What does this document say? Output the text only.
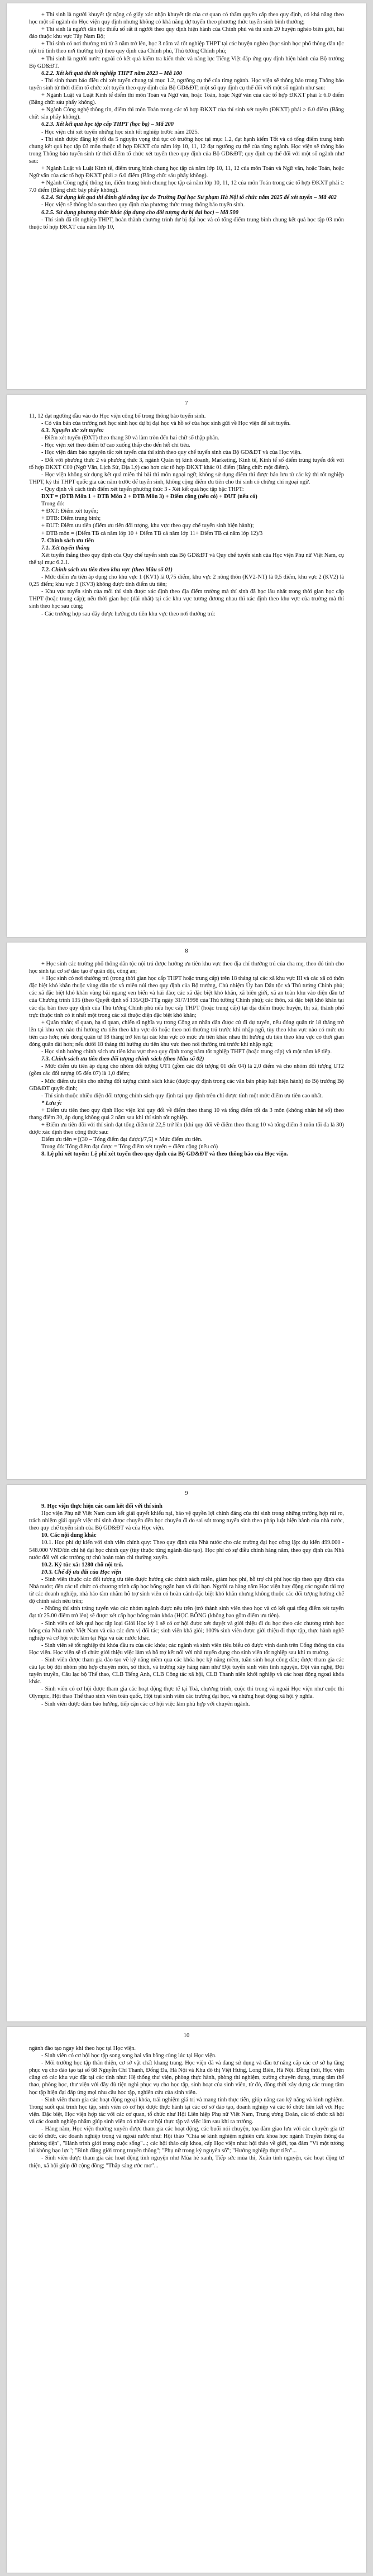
+ Thí sinh là người khuyết tật nặng có giấy xác nhận khuyết tật của cơ quan có thẩm quyền cấp theo quy định, có khả năng theo học một số ngành do Học viện quy định nhưng không có khả năng dự tuyển theo phương thức tuyển sinh bình thường;

+ Thí sinh là người dân tộc thiểu số rất ít người theo quy định hiện hành của Chính phủ và thí sinh 20 huyện nghèo biên giới, hải đảo thuộc khu vực Tây Nam Bộ;

+ Thí sinh có nơi thường trú từ 3 năm trở lên, học 3 năm và tốt nghiệp THPT tại các huyện nghèo (học sinh học phổ thông dân tộc nội trú tính theo nơi thường trú) theo quy định của Chính phủ, Thủ tướng Chính phủ;

+ Thí sinh là người nước ngoài có kết quả kiểm tra kiến thức và năng lực Tiếng Việt đáp ứng quy định hiện hành của Bộ trưởng Bộ GD&ĐT.

6.2.2. Xét kết quả thi tốt nghiệp THPT năm 2023 – Mã 100

- Thí sinh tham bảo điều chỉ xét tuyển chung tại mục 1.2, ngưỡng cụ thể của từng ngành. Học viện sẽ thông báo trong Thông báo tuyển sinh từ thời điểm tổ chức xét tuyển theo quy định của Bộ GD&ĐT; một số quy định cụ thể đối với một số ngành như sau:

+ Ngành Luật và Luật Kinh tế điểm thi môn Toán và Ngữ văn, hoặc Toán, hoặc Ngữ văn của các tổ hợp ĐKXT phải ≥ 6.0 điểm (Bằng chữ: sáu phẩy không).

+ Ngành Công nghệ thông tin, điểm thi môn Toán trong các tổ hợp ĐKXT của thí sinh xét tuyển (ĐKXT) phải ≥ 6.0 điểm (Bằng chữ: sáu phẩy không).

6.2.3. Xét kết quả học tập cấp THPT (học bạ) – Mã 200

- Học viện chỉ xét tuyển những học sinh tốt nghiệp trước năm 2025.

- Thí sinh được đăng ký tối đa 5 nguyện vọng thủ tục có trường học tại mục 1.2, đạt hạnh kiểm Tốt và có tổng điểm trung bình chung kết quả học tập 03 môn thuộc tổ hợp ĐKXT của năm lớp 10, 11, 12 đạt ngưỡng cụ thể của từng ngành. Học viện sẽ thông báo trong Thông báo tuyển sinh từ thời điểm tổ chức xét tuyển theo quy định của Bộ GD&ĐT; quy định cụ thể đối với một số ngành như sau:

+ Ngành Luật và Luật Kinh tế, điểm trung bình chung học tập cả năm lớp 10, 11, 12 của môn Toán và Ngữ văn, hoặc Toán, hoặc Ngữ văn của các tổ hợp ĐKXT phải ≥ 6.0 điểm (Bằng chữ: sáu phẩy không).

+ Ngành Công nghệ thông tin, điểm trung bình chung học tập cả năm lớp 10, 11, 12 của môn Toán trong các tổ hợp ĐKXT phải ≥ 7.0 điểm (Bằng chữ: bảy phẩy không).

6.2.4. Sử dụng kết quả thi đánh giá năng lực do Trường Đại học Sư phạm Hà Nội tổ chức năm 2025 để xét tuyển – Mã 402

- Học viện sẽ thông báo sau theo quy định của phương thức trong thông báo tuyển sinh.

6.2.5. Sử dụng phương thức khác (áp dụng cho đối tượng dự bị đại học) – Mã 500

- Thí sinh đã tốt nghiệp THPT, hoàn thành chương trình dự bị đại học và có tổng điểm trung bình chung kết quả học tập 03 môn thuộc tổ hợp ĐKXT của năm lớp 10,

7

11, 12 đạt ngưỡng đầu vào do Học viện công bố trong thông báo tuyển sinh.

- Có văn bản của trường nơi học sinh học dự bị đại học và hồ sơ của học sinh gửi về Học viện để xét tuyển.

6.3. Nguyên tắc xét tuyển:

- Điểm xét tuyển (ĐXT) theo thang 30 và làm tròn đến hai chữ số thập phân.

- Học viện xét theo điểm từ cao xuống thấp cho đến hết chỉ tiêu.

- Học viện đảm bảo nguyên tắc xét tuyển của thí sinh theo quy chế tuyển sinh của Bộ GD&ĐT và của Học viện.

- Đối với phương thức 2 và phương thức 3, ngành Quản trị kinh doanh, Marketing, Kinh tế, Kinh tế số điểm trúng tuyển đối với tổ hợp ĐKXT C00 (Ngữ Văn, Lịch Sử, Địa Lý) cao hơn các tổ hợp ĐKXT khác 01 điểm (Bằng chữ: một điểm).

- Học viện không sử dụng kết quả miễn thi bài thi môn ngoại ngữ, không sử dụng điểm thi được bảo lưu từ các kỳ thi tốt nghiệp THPT, kỳ thi THPT quốc gia các năm trước để tuyển sinh, không cộng điểm ưu tiên cho thí sinh có chứng chỉ ngoại ngữ.

- Quy định về cách tính điểm xét tuyển phương thức 3 - Xét kết quả học tập bậc THPT:

ĐXT = (ĐTB Môn 1 + ĐTB Môn 2 + ĐTB Môn 3) + Điểm cộng (nếu có) + ĐUT (nếu có)

Trong đó:

+ ĐXT: Điểm xét tuyển;

+ ĐTB: Điểm trung bình;

+ ĐUT: Điểm ưu tiên (điểm ưu tiên đối tượng, khu vực theo quy chế tuyển sinh hiện hành);

+ ĐTB môn = (Điểm TB cả năm lớp 10 + Điểm TB cả năm lớp 11+ Điểm TB cả năm lớp 12)/3

7. Chính sách ưu tiên

7.1. Xét tuyển thẳng

Xét tuyển thẳng theo quy định của Quy chế tuyển sinh của Bộ GD&ĐT và Quy chế tuyển sinh của Học viện Phụ nữ Việt Nam, cụ thể tại mục 6.2.1.

7.2. Chính sách ưu tiên theo khu vực (theo Mẫu số 01)

- Mức điểm ưu tiên áp dụng cho khu vực 1 (KV1) là 0,75 điểm, khu vực 2 nông thôn (KV2-NT) là 0,5 điểm, khu vực 2 (KV2) là 0,25 điểm; khu vực 3 (KV3) không được tính điểm ưu tiên;

- Khu vực tuyển sinh của mỗi thí sinh được xác định theo địa điểm trường mà thí sinh đã học lâu nhất trong thời gian học cấp THPT (hoặc trung cấp); nếu thời gian học (dài nhất) tại các khu vực tương đương nhau thì xác định theo khu vực của trường mà thí sinh theo học sau cùng;

- Các trường hợp sau đây được hưởng ưu tiên khu vực theo nơi thường trú:

8

+ Học sinh các trường phổ thông dân tộc nội trú được hưởng ưu tiên khu vực theo địa chỉ thường trú của cha mẹ, theo đó tính cho học sinh tại cơ sở đào tạo ở quân đội, công an;

+ Học sinh có nơi thường trú (trong thời gian học cấp THPT hoặc trung cấp) trên 18 tháng tại các xã khu vực III và các xã có thôn đặc biệt khó khăn thuộc vùng dân tộc và miền núi theo quy định của Bộ trưởng, Chủ nhiệm Ủy ban Dân tộc và Thủ tướng Chính phủ; các xã đặc biệt khó khăn vùng bãi ngang ven biển và hải đảo; các xã đặc biệt khó khăn, xã biên giới, xã an toàn khu vào diện đầu tư của Chương trình 135 (theo Quyết định số 135/QĐ-TTg ngày 31/7/1998 của Thủ tướng Chính phủ); các thôn, xã đặc biệt khó khăn tại các địa bàn theo quy định của Thủ tướng Chính phủ nếu học cấp THPT (hoặc trung cấp) tại địa điểm thuộc huyện, thị xã, thành phố trực thuộc tỉnh có ít nhất một trong các xã thuộc diện đặc biệt khó khăn;

+ Quân nhân; sĩ quan, hạ sĩ quan, chiến sĩ nghĩa vụ trong Công an nhân dân được cử đi dự tuyển, nếu đóng quân từ 18 tháng trở lên tại khu vực nào thì hưởng ưu tiên theo khu vực đó hoặc theo nơi thường trú trước khi nhập ngũ, tùy theo khu vực nào có mức ưu tiên cao hơn; nếu đóng quân từ 18 tháng trở lên tại các khu vực có mức ưu tiên khác nhau thì hưởng ưu tiên theo khu vực có thời gian đóng quân dài hơn; nếu dưới 18 tháng thì hưởng ưu tiên khu vực theo nơi thường trú trước khi nhập ngũ;

- Học sinh hưởng chính sách ưu tiên khu vực theo quy định trong năm tốt nghiệp THPT (hoặc trung cấp) và một năm kế tiếp.

7.3. Chính sách ưu tiên theo đối tượng chính sách (theo Mẫu số 02)

- Mức điểm ưu tiên áp dụng cho nhóm đối tượng UT1 (gồm các đối tượng 01 đến 04) là 2,0 điểm và cho nhóm đối tượng UT2 (gồm các đối tượng 05 đến 07) là 1,0 điểm;

- Mức điểm ưu tiên cho những đối tượng chính sách khác (được quy định trong các văn bản pháp luật hiện hành) do Bộ trưởng Bộ GD&ĐT quyết định;

- Thí sinh thuộc nhiều diện đối tượng chính sách quy định tại quy định trên chỉ được tính một mức điểm ưu tiên cao nhất.

* Lưu ý:

+ Điểm ưu tiên theo quy định Học viện khi quy đổi về điểm theo thang 10 và tổng điểm tối đa 3 môn (không nhân hệ số) theo thang điểm 30, áp dụng không quá 2 năm sau khi thí sinh tốt nghiệp.

+ Điểm ưu tiên đối với thí sinh đạt tổng điểm từ 22,5 trở lên (khi quy đổi về điểm theo thang 10 và tổng điểm 3 môn tối đa là 30) được xác định theo công thức sau:

Điểm ưu tiên = [(30 – Tổng điểm đạt được)/7,5] × Mức điểm ưu tiên.

Trong đó: Tổng điểm đạt được = Tổng điểm xét tuyển + điểm cộng (nếu có)

8. Lệ phí xét tuyển: Lệ phí xét tuyển theo quy định của Bộ GD&ĐT và theo thông báo của Học viện.

9

9. Học viện thực hiện các cam kết đối với thí sinh

Học viện Phụ nữ Việt Nam cam kết giải quyết khiếu nại, bảo vệ quyền lợi chính đáng của thí sinh trong những trường hợp rủi ro, trách nhiệm giải quyết việc thí sinh được chuyển đến học chuyên đi do sai sót trong tuyển sinh theo pháp luật hiện hành của nhà nước, theo quy chế tuyển sinh của Bộ GD&ĐT và của Học viện.

10. Các nội dung khác

10.1. Học phí dự kiến với sinh viên chính quy: Theo quy định của Nhà nước cho các trường đại học công lập: dự kiến 499.000 - 548.000 VNĐ/tín chỉ hệ đại học chính quy (tùy thuộc từng ngành đào tạo). Học phí có sự điều chỉnh hàng năm, theo quy định của Nhà nước đối với các trường tự chủ hoàn toàn chi thường xuyên.

10.2. Ký túc xá: 1280 chỗ nội trú.

10.3. Chế độ ưu đãi của Học viện

- Sinh viên thuộc các đối tượng ưu tiên được hưởng các chính sách miễn, giảm học phí, hỗ trợ chi phí học tập theo quy định của Nhà nước; đến các tổ chức có chương trình cấp học bổng ngắn hạn và dài hạn. Người ra hàng năm Học viện huy động các nguồn tài trợ từ các doanh nghiệp, nhà hảo tâm nhằm hỗ trợ sinh viên có hoàn cảnh đặc biệt khó khăn nhưng không thuộc các đối tượng hưởng chế độ chính sách nêu trên;

- Những thí sinh trúng tuyển vào các nhóm ngành được nêu trên (trở thành sinh viên theo học và có kết quả tổng điểm xét tuyển đạt từ 25.00 điểm trở lên) sẽ được xét cấp học bổng toàn khóa (HỌC BỔNG (không bao gồm điểm ưu tiên).

- Sinh viên có kết quả học tập loại Giỏi Học kỳ 1 sẽ có cơ hội được xét duyệt và giới thiệu đi du học theo các chương trình học bổng của Nhà nước Việt Nam và của các đơn vị đối tác; sinh viên khá giỏi; 100% sinh viên được giới thiệu đi thực tập, thực hành nghề nghiệp và cơ hội việc làm tại Nga và các nước khác.

- Sinh viên sẽ tốt nghiệp thì khóa đầu ra của các khóa; các ngành và sinh viên tiêu biểu có được vinh danh trên Cổng thông tin của Học viện. Học viện sẽ tổ chức giới thiệu việc làm và hỗ trợ kết nối với nhà tuyển dụng cho sinh viên tốt nghiệp sau khi ra trường.

- Sinh viên được tham gia đào tạo về kỹ năng mềm qua các khóa học kỹ năng mềm, tuần sinh hoạt công dân; được tham gia các câu lạc bộ đội nhóm phù hợp chuyên môn, sở thích, và trường xây hàng năm như Đội tuyển sinh viên tình nguyện, Đội văn nghệ, Đội tuyên truyền, Câu lạc bộ Thể thao, CLB Tiếng Anh, CLB Công tác xã hội, CLB Thanh niên khởi nghiệp và các hoạt động ngoại khóa khác.

- Sinh viên có cơ hội được tham gia các hoạt động thực tế tại Toà, chương trình, cuộc thi trong và ngoài Học viện như cuộc thi Olympic, Hội thao Thể thao sinh viên toàn quốc, Hội trại sinh viên các trường đại học, và những hoạt động xã hội ý nghĩa.

- Sinh viên được đảm bảo hướng, tiếp cận các cơ hội việc làm phù hợp với chuyên ngành.

10

ngành đào tạo ngay khi theo học tại Học viện.

- Sinh viên có cơ hội học tập song song hai văn bằng cùng lúc tại Học viện.

- Môi trường học tập thân thiện, cơ sở vật chất khang trang. Học viện đã và đang sử dụng và đầu tư nâng cấp các cơ sở hạ tầng phục vụ cho đào tạo tại số 68 Nguyễn Chí Thanh, Đống Đa, Hà Nội và Khu đô thị Việt Hưng, Long Biên, Hà Nội. Đồng thời, Học viện cũng có các khu vực đặt tại các tỉnh như: Hệ thống thư viện, phòng thực hành, phòng thí nghiệm, xưởng chuyên dụng, trung tâm thể thao, phòng học, thư viện với đầy đủ tiện nghi phục vụ cho học tập, sinh hoạt của sinh viên, từ đó, đồng thời xây dựng các trung tâm học tập hiện đại đáp ứng mọi nhu cầu học tập, nghiên cứu của sinh viên.

- Sinh viên tham gia các hoạt động ngoại khóa, trải nghiệm giá trị và mang tính thực tiễn, giúp nâng cao kỹ năng và kinh nghiệm. Trong suốt quá trình học tập, sinh viên có cơ hội được thực hành tại các cơ sở đào tạo, doanh nghiệp và các tổ chức liên kết với Học viện. Đặc biệt, Học viện hợp tác với các cơ quan, tổ chức như Hội Liên hiệp Phụ nữ Việt Nam, Trung ương Đoàn, các tổ chức xã hội và các doanh nghiệp nhằm giúp sinh viên có nhiều cơ hội thực tập và việc làm sau khi ra trường.

- Hàng năm, Học viện thường xuyên được tham gia các hoạt động, các buổi nói chuyện, tọa đàm giao lưu với các chuyên gia từ các tổ chức, các doanh nghiệp trong và ngoài nước như: Hội thảo "Chia sẻ kinh nghiệm nghiên cứu khoa học ngành Truyền thông đa phương tiện", "Hành trình giới trong cuộc sống"...; các hội thảo cấp khoa, cấp Học viện như: hội thảo về giới, tọa đàm "Vì một tương lai không bạo lực"; "Bình đẳng giới trong truyền thông"; "Phụ nữ trong kỷ nguyên số"; "Hướng nghiệp thực tiễn"...

- Sinh viên được tham gia các hoạt động tình nguyện như Mùa hè xanh, Tiếp sức mùa thi, Xuân tình nguyện, các hoạt động từ thiện, xã hội giúp đỡ cộng đồng; "Thắp sáng ước mơ"...
